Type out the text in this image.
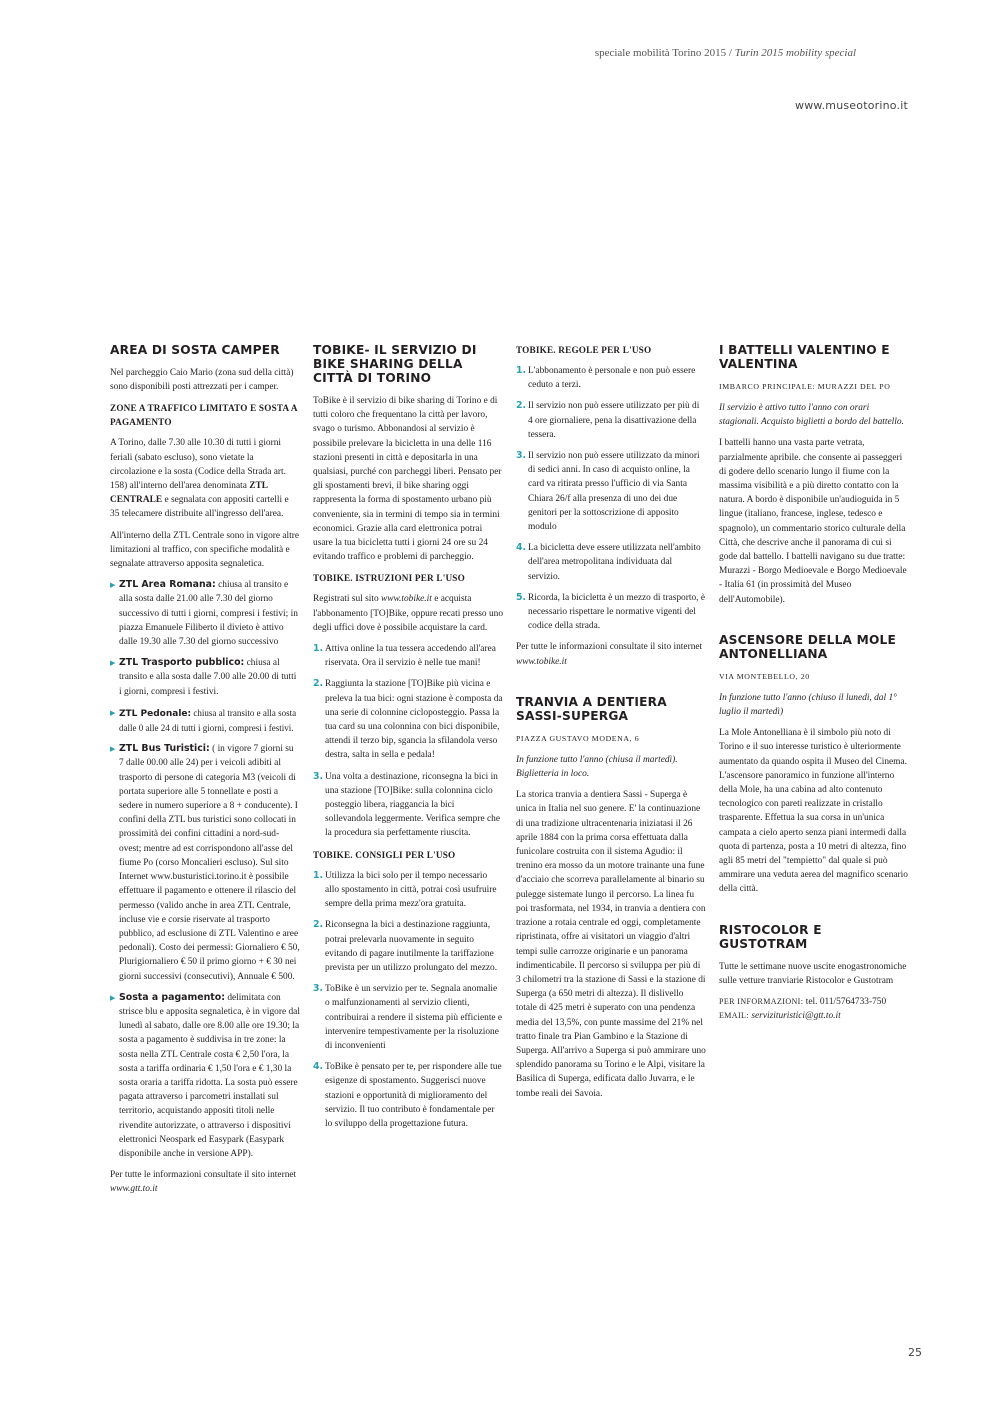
speciale mobilità Torino 2015 / Turin 2015 mobility special
www.museotorino.it
AREA DI SOSTA CAMPER

Nel parcheggio Caio Mario (zona sud della città) sono disponibili posti attrezzati per i camper.

ZONE A TRAFFICO LIMITATO E SOSTA A PAGAMENTO

A Torino, dalle 7.30 alle 10.30 di tutti i giorni feriali (sabato escluso), sono vietate la circolazione e la sosta (Codice della Strada art. 158) all'interno dell'area denominata ZTL CENTRALE e segnalata con appositi cartelli e 35 telecamere distribuite all'ingresso dell'area.

All'interno della ZTL Centrale sono in vigore altre limitazioni al traffico, con specifiche modalità e segnalate attraverso apposita segnaletica.

▶ ZTL Area Romana: chiusa al transito e alla sosta dalle 21.00 alle 7.30 del giorno successivo di tutti i giorni, compresi i festivi; in piazza Emanuele Filiberto il divieto è attivo dalle 19.30 alle 7.30 del giorno successivo
▶ ZTL Trasporto pubblico: chiusa al transito e alla sosta dalle 7.00 alle 20.00 di tutti i giorni, compresi i festivi.
▶ ZTL Pedonale: chiusa al transito e alla sosta dalle 0 alle 24 di tutti i giorni, compresi i festivi.
▶ ZTL Bus Turistici: ( in vigore 7 giorni su 7 dalle 00.00 alle 24) per i veicoli adibiti al trasporto di persone di categoria M3 (veicoli di portata superiore alle 5 tonnellate e posti a sedere in numero superiore a 8 + conducente). I confini della ZTL bus turistici sono collocati in prossimità dei confini cittadini a nord-sud-ovest; mentre ad est corrispondono all'asse del fiume Po (corso Moncalieri escluso). Sul sito Internet www.busturistici.torino.it è possibile effettuare il pagamento e ottenere il rilascio del permesso (valido anche in area ZTL Centrale, incluse vie e corsie riservate al trasporto pubblico, ad esclusione di ZTL Valentino e aree pedonali). Costo dei permessi: Giornaliero € 50, Plurigiornaliero € 50 il primo giorno + € 30 nei giorni successivi (consecutivi), Annuale € 500.
▶ Sosta a pagamento: delimitata con strisce blu e apposita segnaletica, è in vigore dal lunedì al sabato, dalle ore 8.00 alle ore 19.30; la sosta a pagamento è suddivisa in tre zone: la sosta nella ZTL Centrale costa € 2,50 l'ora, la sosta a tariffa ordinaria € 1,50 l'ora e € 1,30 la sosta oraria a tariffa ridotta. La sosta può essere pagata attraverso i parcometri installati sul territorio, acquistando appositi titoli nelle rivendite autorizzate, o attraverso i dispositivi elettronici Neospark ed Easypark (Easypark disponibile anche in versione APP).

Per tutte le informazioni consultate il sito internet www.gtt.to.it

TOBIKE- IL SERVIZIO DI BIKE SHARING DELLA CITTÀ DI TORINO

ToBike è il servizio di bike sharing di Torino e di tutti coloro che frequentano la città per lavoro, svago o turismo. Abbonandosi al servizio è possibile prelevare la bicicletta in una delle 116 stazioni presenti in città e depositarla in una qualsiasi, purché con parcheggi liberi. Pensato per gli spostamenti brevi, il bike sharing oggi rappresenta la forma di spostamento urbano più conveniente, sia in termini di tempo sia in termini economici. Grazie alla card elettronica potrai usare la tua bicicletta tutti i giorni 24 ore su 24 evitando traffico e problemi di parcheggio.

TOBIKE. ISTRUZIONI PER L'USO

Registrati sul sito www.tobike.it e acquista l'abbonamento [TO]Bike, oppure recati presso uno degli uffici dove è possibile acquistare la card.

1. Attiva online la tua tessera accedendo all'area riservata. Ora il servizio è nelle tue mani!
2. Raggiunta la stazione [TO]Bike più vicina e preleva la tua bici: ogni stazione è composta da una serie di colonnine cicloposteggio. Passa la tua card su una colonnina con bici disponibile, attendi il terzo bip, sgancia la sfilandola verso destra, salta in sella e pedala!
3. Una volta a destinazione, riconsegna la bici in una stazione [TO]Bike: sulla colonnina ciclo posteggio libera, riaggancia la bici sollevandola leggermente. Verifica sempre che la procedura sia perfettamente riuscita.
TOBIKE. CONSIGLI PER L'USO
1. Utilizza la bici solo per il tempo necessario allo spostamento in città, potrai così usufruire sempre della prima mezz'ora gratuita.
2. Riconsegna la bici a destinazione raggiunta, potrai prelevarla nuovamente in seguito evitando di pagare inutilmente la tariffazione prevista per un utilizzo prolungato del mezzo.
3. ToBike è un servizio per te. Segnala anomalie o malfunzionamenti al servizio clienti, contribuirai a rendere il sistema più efficiente e intervenire tempestivamente per la risoluzione di inconvenienti
4. ToBike è pensato per te, per rispondere alle tue esigenze di spostamento. Suggerisci nuove stazioni e opportunità di miglioramento del servizio. Il tuo contributo è fondamentale per lo sviluppo della progettazione futura.
TOBIKE. REGOLE PER L'USO
1. L'abbonamento è personale e non può essere ceduto a terzi.
2. Il servizio non può essere utilizzato per più di 4 ore giornaliere, pena la disattivazione della tessera.
3. Il servizio non può essere utilizzato da minori di sedici anni. In caso di acquisto online, la card va ritirata presso l'ufficio di via Santa Chiara 26/f alla presenza di uno dei due genitori per la sottoscrizione di apposito modulo
4. La bicicletta deve essere utilizzata nell'ambito dell'area metropolitana individuata dal servizio.
5. Ricorda, la bicicletta è un mezzo di trasporto, è necessario rispettare le normative vigenti del codice della strada.

Per tutte le informazioni consultate il sito internet www.tobike.it

TRANVIA A DENTIERA SASSI-SUPERGA
PIAZZA GUSTAVO MODENA, 6

In funzione tutto l'anno (chiusa il martedì). Biglietteria in loco.

La storica tranvia a dentiera Sassi - Superga è unica in Italia nel suo genere. E' la continuazione di una tradizione ultracentenaria iniziatasi il 26 aprile 1884 con la prima corsa effettuata dalla funicolare costruita con il sistema Agudio: il trenino era mosso da un motore trainante una fune d'acciaio che scorreva parallelamente al binario su pulegge sistemate lungo il percorso. La linea fu poi trasformata, nel 1934, in tranvia a dentiera con trazione a rotaia centrale ed oggi, completamente ripristinata, offre ai visitatori un viaggio d'altri tempi sulle carrozze originarie e un panorama indimenticabile. Il percorso si sviluppa per più di 3 chilometri tra la stazione di Sassi e la stazione di Superga (a 650 metri di altezza). Il dislivello totale di 425 metri è superato con una pendenza media del 13,5%, con punte massime del 21% nel tratto finale tra Pian Gambino e la Stazione di Superga. All'arrivo a Superga si può ammirare uno splendido panorama su Torino e le Alpi, visitare la Basilica di Superga, edificata dallo Juvarra, e le tombe reali dei Savoia.

I BATTELLI VALENTINO E VALENTINA
IMBARCO PRINCIPALE: MURAZZI DEL PO

Il servizio è attivo tutto l'anno con orari stagionali. Acquisto biglietti a bordo del battello.

I battelli hanno una vasta parte vetrata, parzialmente apribile. che consente ai passeggeri di godere dello scenario lungo il fiume con la massima visibilità e a più diretto contatto con la natura. A bordo è disponibile un'audioguida in 5 lingue (italiano, francese, inglese, tedesco e spagnolo), un commentario storico culturale della Città, che descrive anche il panorama di cui si gode dal battello. I battelli navigano su due tratte: Murazzi - Borgo Medioevale e Borgo Medioevale - Italia 61 (in prossimità del Museo dell'Automobile).

ASCENSORE DELLA MOLE ANTONELLIANA
VIA MONTEBELLO, 20

In funzione tutto l'anno (chiuso il lunedì, dal 1° luglio il martedì)

La Mole Antonelliana è il simbolo più noto di Torino e il suo interesse turistico è ulteriormente aumentato da quando ospita il Museo del Cinema. L'ascensore panoramico in funzione all'interno della Mole, ha una cabina ad alto contenuto tecnologico con pareti realizzate in cristallo trasparente. Effettua la sua corsa in un'unica campata a cielo aperto senza piani intermedi dalla quota di partenza, posta a 10 metri di altezza, fino agli 85 metri del "tempietto" dal quale si può ammirare una veduta aerea del magnifico scenario della città.

RISTOCOLOR E GUSTOTRAM

Tutte le settimane nuove uscite enogastronomiche sulle vetture tranviarie Ristocolor e Gustotram

PER INFORMAZIONI: tel. 011/5764733-750

EMAIL: servizituristici@gtt.to.it

25
